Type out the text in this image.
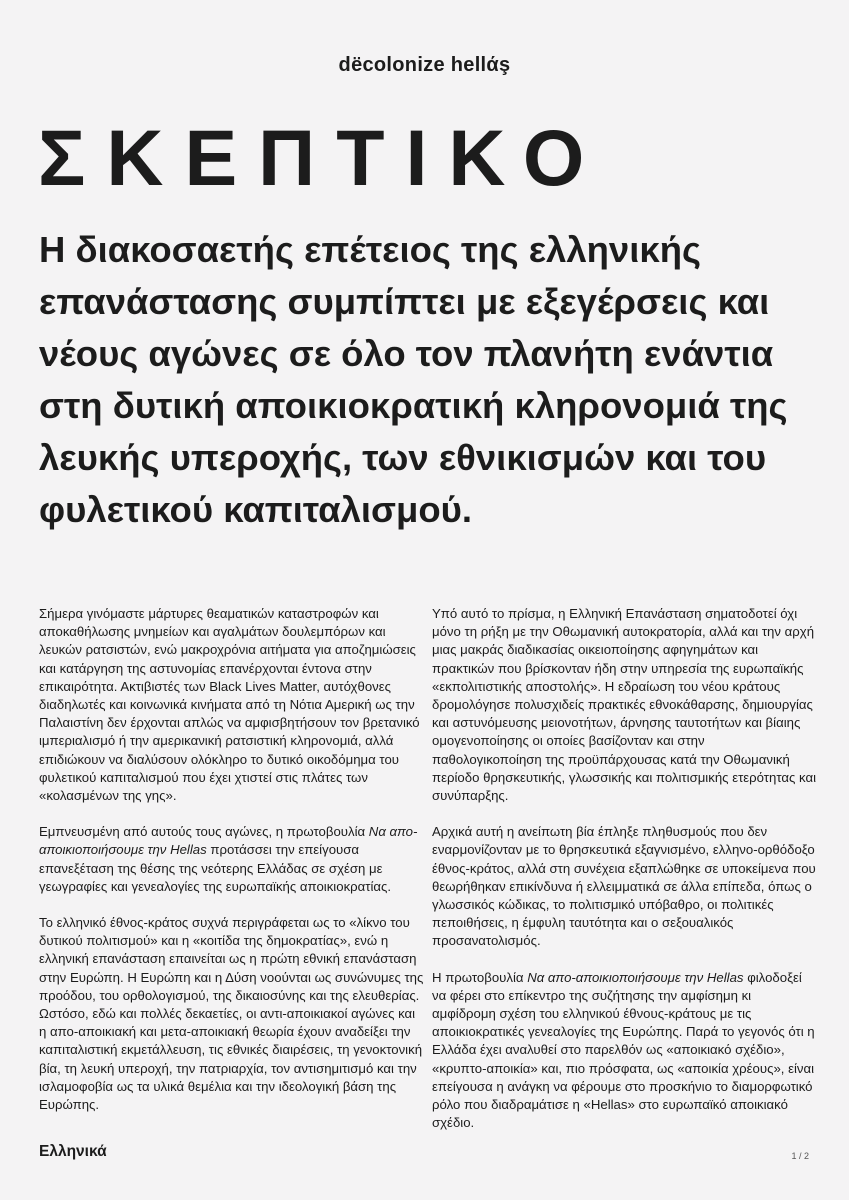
dëcolonize hellάş
ΣΚΕΠΤΙΚΟ

Η διακοσαετής επέτειος της ελληνικής επανάστασης συμπίπτει με εξεγέρσεις και νέους αγώνες σε όλο τον πλανήτη ενάντια στη δυτική αποικιοκρατική κληρονομιά της λευκής υπεροχής, των εθνικισμών και του φυλετικού καπιταλισμού.

Σήμερα γινόμαστε μάρτυρες θεαματικών καταστροφών και αποκαθήλωσης μνημείων και αγαλμάτων δουλεμπόρων και λευκών ρατσιστών, ενώ μακροχρόνια αιτήματα για αποζημιώσεις και κατάργηση της αστυνομίας επανέρχονται έντονα στην επικαιρότητα. Ακτιβιστές των Black Lives Matter, αυτόχθονες διαδηλωτές και κοινωνικά κινήματα από τη Νότια Αμερική ως την Παλαιστίνη δεν έρχονται απλώς να αμφισβητήσουν τον βρετανικό ιμπεριαλισμό ή την αμερικανική ρατσιστική κληρονομιά, αλλά επιδιώκουν να διαλύσουν ολόκληρο το δυτικό οικοδόμημα του φυλετικού καπιταλισμού που έχει χτιστεί στις πλάτες των «κολασμένων της γης».

Εμπνευσμένη από αυτούς τους αγώνες, η πρωτοβουλία Να απο-αποικιοποιήσουμε την Hellas προτάσσει την επείγουσα επανεξέταση της θέσης της νεότερης Ελλάδας σε σχέση με γεωγραφίες και γενεαλογίες της ευρωπαϊκής αποικιοκρατίας.

Το ελληνικό έθνος-κράτος συχνά περιγράφεται ως το «λίκνο του δυτικού πολιτισμού» και η «κοιτίδα της δημοκρατίας», ενώ η ελληνική επανάσταση επαινείται ως η πρώτη εθνική επανάσταση στην Ευρώπη. Η Ευρώπη και η Δύση νοούνται ως συνώνυμες της προόδου, του ορθολογισμού, της δικαιοσύνης και της ελευθερίας. Ωστόσο, εδώ και πολλές δεκαετίες, οι αντι-αποικιακοί αγώνες και η απο-αποικιακή και μετα-αποικιακή θεωρία έχουν αναδείξει την καπιταλιστική εκμετάλλευση, τις εθνικές διαιρέσεις, τη γενοκτονική βία, τη λευκή υπεροχή, την πατριαρχία, τον αντισημιτισμό και την ισλαμοφοβία ως τα υλικά θεμέλια και την ιδεολογική βάση της Ευρώπης.

Υπό αυτό το πρίσμα, η Ελληνική Επανάσταση σηματοδοτεί όχι μόνο τη ρήξη με την Οθωμανική αυτοκρατορία, αλλά και την αρχή μιας μακράς διαδικασίας οικειοποίησης αφηγημάτων και πρακτικών που βρίσκονταν ήδη στην υπηρεσία της ευρωπαϊκής «εκπολιτιστικής αποστολής». Η εδραίωση του νέου κράτους δρομολόγησε πολυσχιδείς πρακτικές εθνοκάθαρσης, δημιουργίας και αστυνόμευσης μειονοτήτων, άρνησης ταυτοτήτων και βίαιης ομογενοποίησης οι οποίες βασίζονταν και στην παθολογικοποίηση της προϋπάρχουσας κατά την Οθωμανική περίοδο θρησκευτικής, γλωσσικής και πολιτισμικής ετερότητας και συνύπαρξης.

Αρχικά αυτή η ανείπωτη βία έπληξε πληθυσμούς που δεν εναρμονίζονταν με το θρησκευτικά εξαγνισμένο, ελληνο-ορθόδοξο έθνος-κράτος, αλλά στη συνέχεια εξαπλώθηκε σε υποκείμενα που θεωρήθηκαν επικίνδυνα ή ελλειμματικά σε άλλα επίπεδα, όπως ο γλωσσικός κώδικας, το πολιτισμικό υπόβαθρο, οι πολιτικές πεποιθήσεις, η έμφυλη ταυτότητα και ο σεξουαλικός προσανατολισμός.

Η πρωτοβουλία Να απο-αποικιοποιήσουμε την Hellas φιλοδοξεί να φέρει στο επίκεντρο της συζήτησης την αμφίσημη κι αμφίδρομη σχέση του ελληνικού έθνους-κράτους με τις αποικιοκρατικές γενεαλογίες της Ευρώπης. Παρά το γεγονός ότι η Ελλάδα έχει αναλυθεί στο παρελθόν ως «αποικιακό σχέδιο», «κρυπτο-αποικία» και, πιο πρόσφατα, ως «αποικία χρέους», είναι επείγουσα η ανάγκη να φέρουμε στο προσκήνιο το διαμορφωτικό ρόλο που διαδραμάτισε η «Hellas» στο ευρωπαϊκό αποικιακό σχέδιο.

Ελληνικά	1 / 2
